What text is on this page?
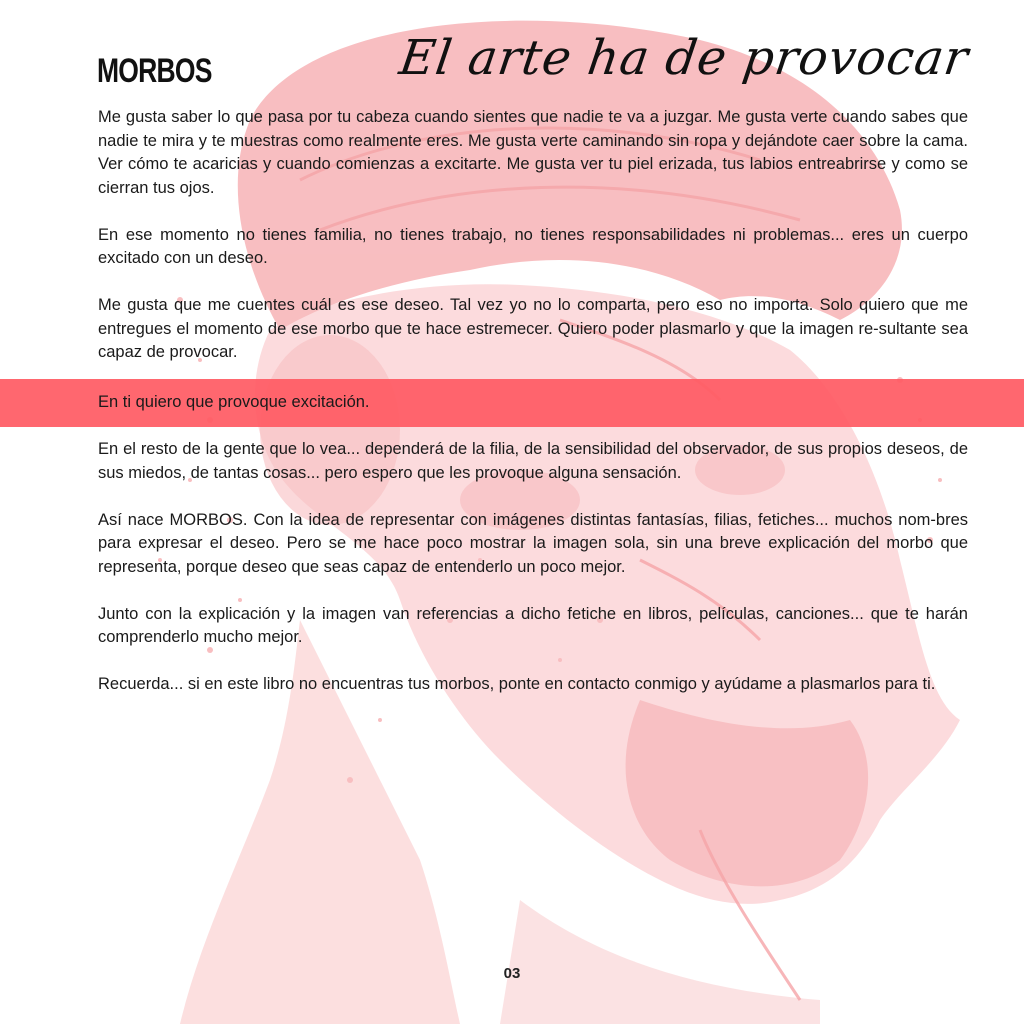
MORBOS	El arte ha de provocar

Me gusta saber lo que pasa por tu cabeza cuando sientes que nadie te va a juzgar. Me gusta verte cuando sabes que nadie te mira y te muestras como realmente eres. Me gusta verte caminando sin ropa y dejándote caer sobre la cama. Ver cómo te acaricias y cuando comienzas a excitarte. Me gusta ver tu piel erizada, tus labios entreabrirse y como se cierran tus ojos.

En ese momento no tienes familia, no tienes trabajo, no tienes responsabilidades ni problemas... eres un cuerpo excitado con un deseo.

Me gusta que me cuentes cuál es ese deseo. Tal vez yo no lo comparta, pero eso no importa. Solo quiero que me entregues el momento de ese morbo que te hace estremecer. Quiero poder plasmarlo y que la imagen re-sultante sea capaz de provocar.

En ti quiero que provoque excitación.

En el resto de la gente que lo vea... dependerá de la filia, de la sensibilidad del observador, de sus propios deseos, de sus miedos, de tantas cosas... pero espero que les provoque alguna sensación.

Así nace MORBOS. Con la idea de representar con imágenes distintas fantasías, filias, fetiches... muchos nom-bres para expresar el deseo. Pero se me hace poco mostrar la imagen sola, sin una breve explicación del morbo que representa, porque deseo que seas capaz de entenderlo un poco mejor.

Junto con la explicación y la imagen van referencias a dicho fetiche en libros, películas, canciones... que te harán comprenderlo mucho mejor.

Recuerda... si en este libro no encuentras tus morbos, ponte en contacto conmigo y ayúdame a plasmarlos para ti.

03
